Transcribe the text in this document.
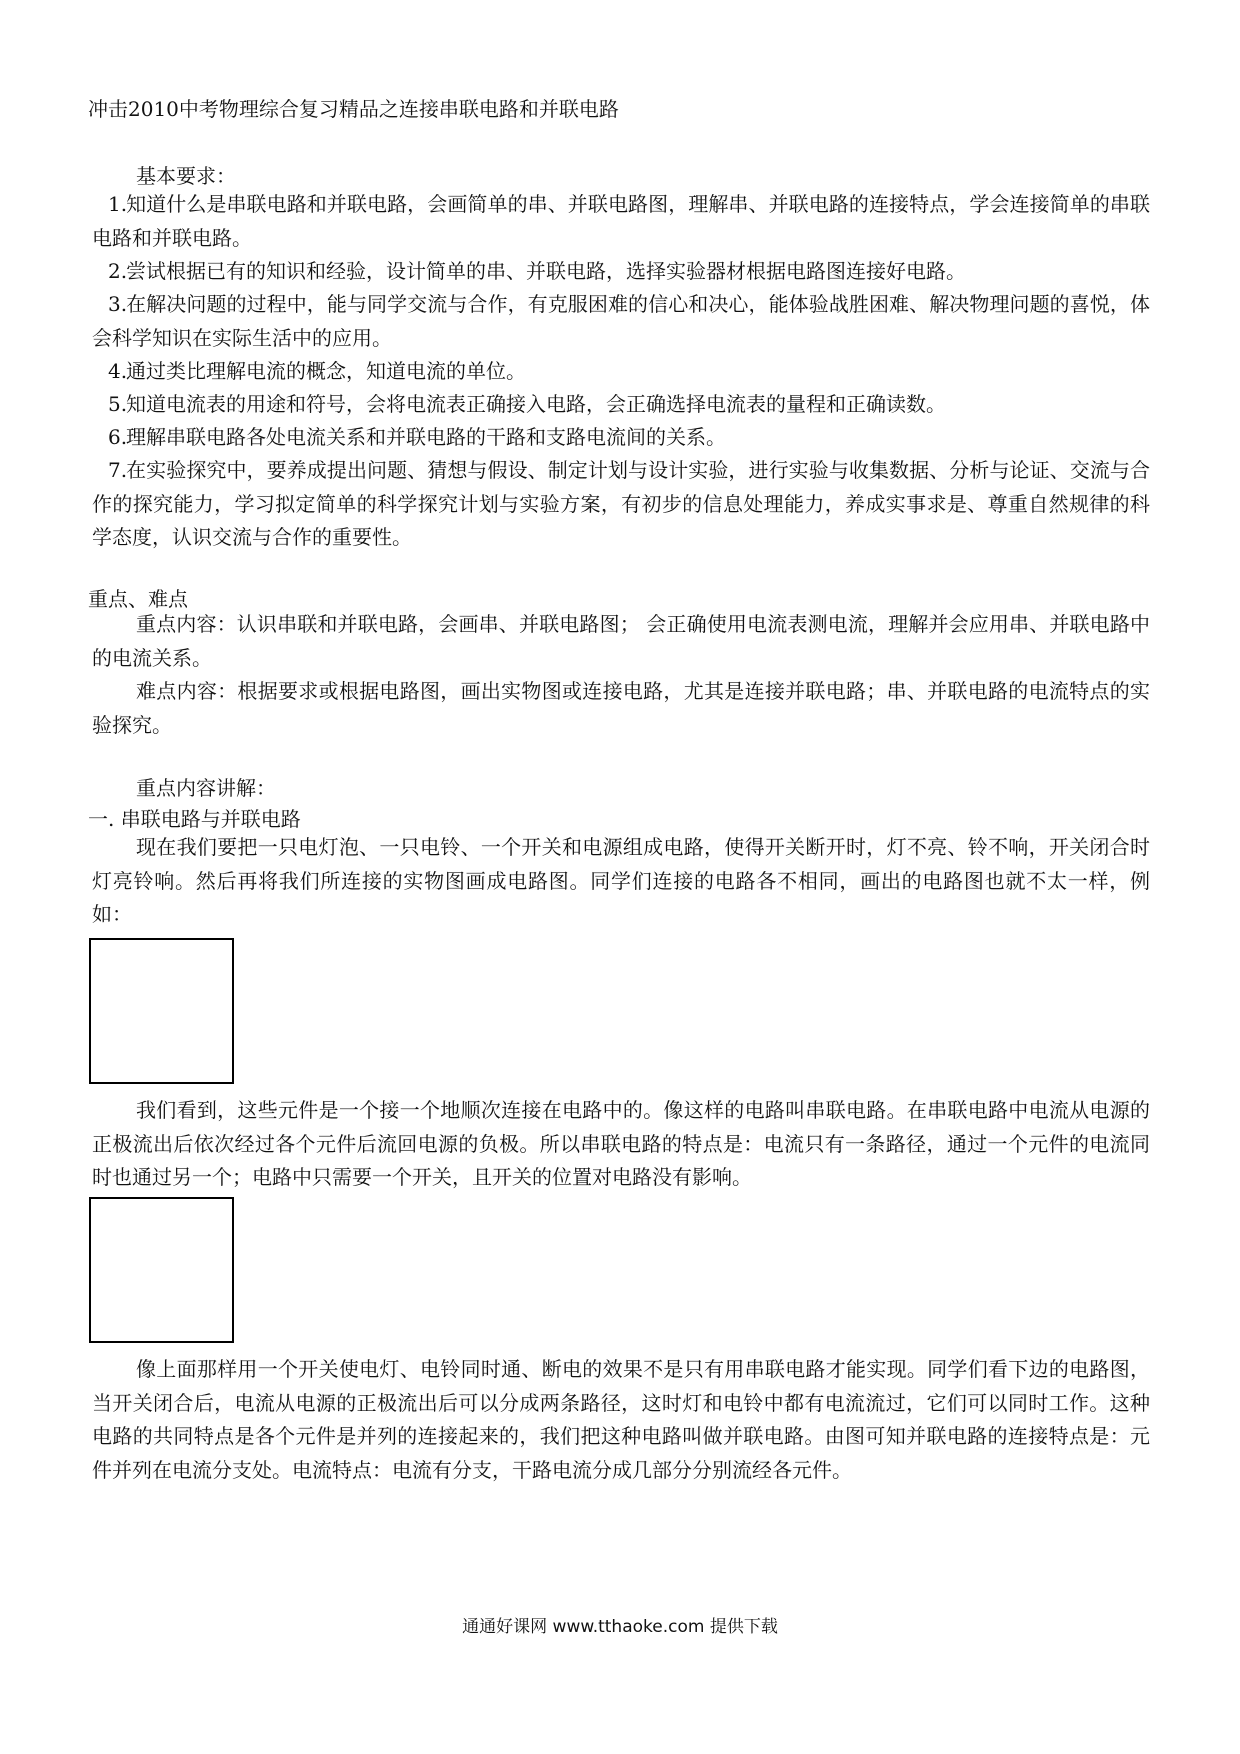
冲击2010中考物理综合复习精品之连接串联电路和并联电路
基本要求：
1.知道什么是串联电路和并联电路，会画简单的串、并联电路图，理解串、并联电路的连接特点，学会连接简单的串联电路和并联电路。
2.尝试根据已有的知识和经验，设计简单的串、并联电路，选择实验器材根据电路图连接好电路。
3.在解决问题的过程中，能与同学交流与合作，有克服困难的信心和决心，能体验战胜困难、解决物理问题的喜悦，体会科学知识在实际生活中的应用。
4.通过类比理解电流的概念，知道电流的单位。
5.知道电流表的用途和符号，会将电流表正确接入电路，会正确选择电流表的量程和正确读数。
6.理解串联电路各处电流关系和并联电路的干路和支路电流间的关系。
7.在实验探究中，要养成提出问题、猜想与假设、制定计划与设计实验，进行实验与收集数据、分析与论证、交流与合作的探究能力，学习拟定简单的科学探究计划与实验方案，有初步的信息处理能力，养成实事求是、尊重自然规律的科学态度，认识交流与合作的重要性。
重点、难点
重点内容：认识串联和并联电路，会画串、并联电路图； 会正确使用电流表测电流，理解并会应用串、并联电路中的电流关系。
难点内容：根据要求或根据电路图，画出实物图或连接电路，尤其是连接并联电路；串、并联电路的电流特点的实验探究。
重点内容讲解：
一. 串联电路与并联电路
现在我们要把一只电灯泡、一只电铃、一个开关和电源组成电路，使得开关断开时，灯不亮、铃不响，开关闭合时灯亮铃响。然后再将我们所连接的实物图画成电路图。同学们连接的电路各不相同，画出的电路图也就不太一样，例如：
我们看到，这些元件是一个接一个地顺次连接在电路中的。像这样的电路叫串联电路。在串联电路中电流从电源的正极流出后依次经过各个元件后流回电源的负极。所以串联电路的特点是：电流只有一条路径，通过一个元件的电流同时也通过另一个；电路中只需要一个开关，且开关的位置对电路没有影响。
像上面那样用一个开关使电灯、电铃同时通、断电的效果不是只有用串联电路才能实现。同学们看下边的电路图，当开关闭合后，电流从电源的正极流出后可以分成两条路径，这时灯和电铃中都有电流流过，它们可以同时工作。这种电路的共同特点是各个元件是并列的连接起来的，我们把这种电路叫做并联电路。由图可知并联电路的连接特点是：元件并列在电流分支处。电流特点：电流有分支，干路电流分成几部分分别流经各元件。
通通好课网 www.tthaoke.com 提供下载
